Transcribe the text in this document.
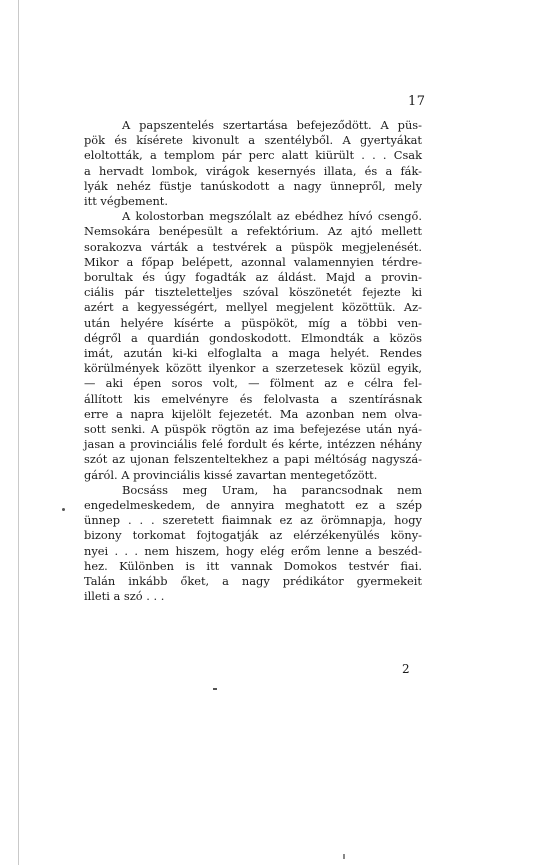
17
A papszentelés szertartása befejeződött. A püs-
pök és kísérete kivonult a szentélyből. A gyertyákat
eloltották, a templom pár perc alatt kiürült . . . Csak
a hervadt lombok, virágok kesernyés illata, és a fák-
lyák nehéz füstje tanúskodott a nagy ünnepről, mely
itt végbement.
A kolostorban megszólalt az ebédhez hívó csengő.
Nemsokára benépesült a refektórium. Az ajtó mellett
sorakozva várták a testvérek a püspök megjelenését.
Mikor a főpap belépett, azonnal valamennyien térdre-
borultak és úgy fogadták az áldást. Majd a provin-
ciális pár tiszteletteljes szóval köszönetét fejezte ki
azért a kegyességért, mellyel megjelent közöttük. Az-
után helyére kísérte a püspököt, míg a többi ven-
dégről a quardián gondoskodott. Elmondták a közös
imát, azután ki-ki elfoglalta a maga helyét. Rendes
körülmények között ilyenkor a szerzetesek közül egyik,
— aki épen soros volt, — fölment az e célra fel-
állított kis emelvényre és felolvasta a szentírásnak
erre a napra kijelölt fejezetét. Ma azonban nem olva-
sott senki. A püspök rögtön az ima befejezése után nyá-
jasan a provinciális felé fordult és kérte, intézzen néhány
szót az ujonan felszenteltekhez a papi méltóság nagyszá-
gáról. A provinciális kissé zavartan mentegetőzött.
Bocsáss meg Uram, ha parancsodnak nem
engedelmeskedem, de annyira meghatott ez a szép
ünnep . . . szeretett fiaimnak ez az örömnapja, hogy
bizony torkomat fojtogatják az elérzékenyülés köny-
nyei . . . nem hiszem, hogy elég erőm lenne a beszéd-
hez. Különben is itt vannak Domokos testvér fiai.
Talán inkább őket, a nagy prédikátor gyermekeit
illeti a szó . . .
2
